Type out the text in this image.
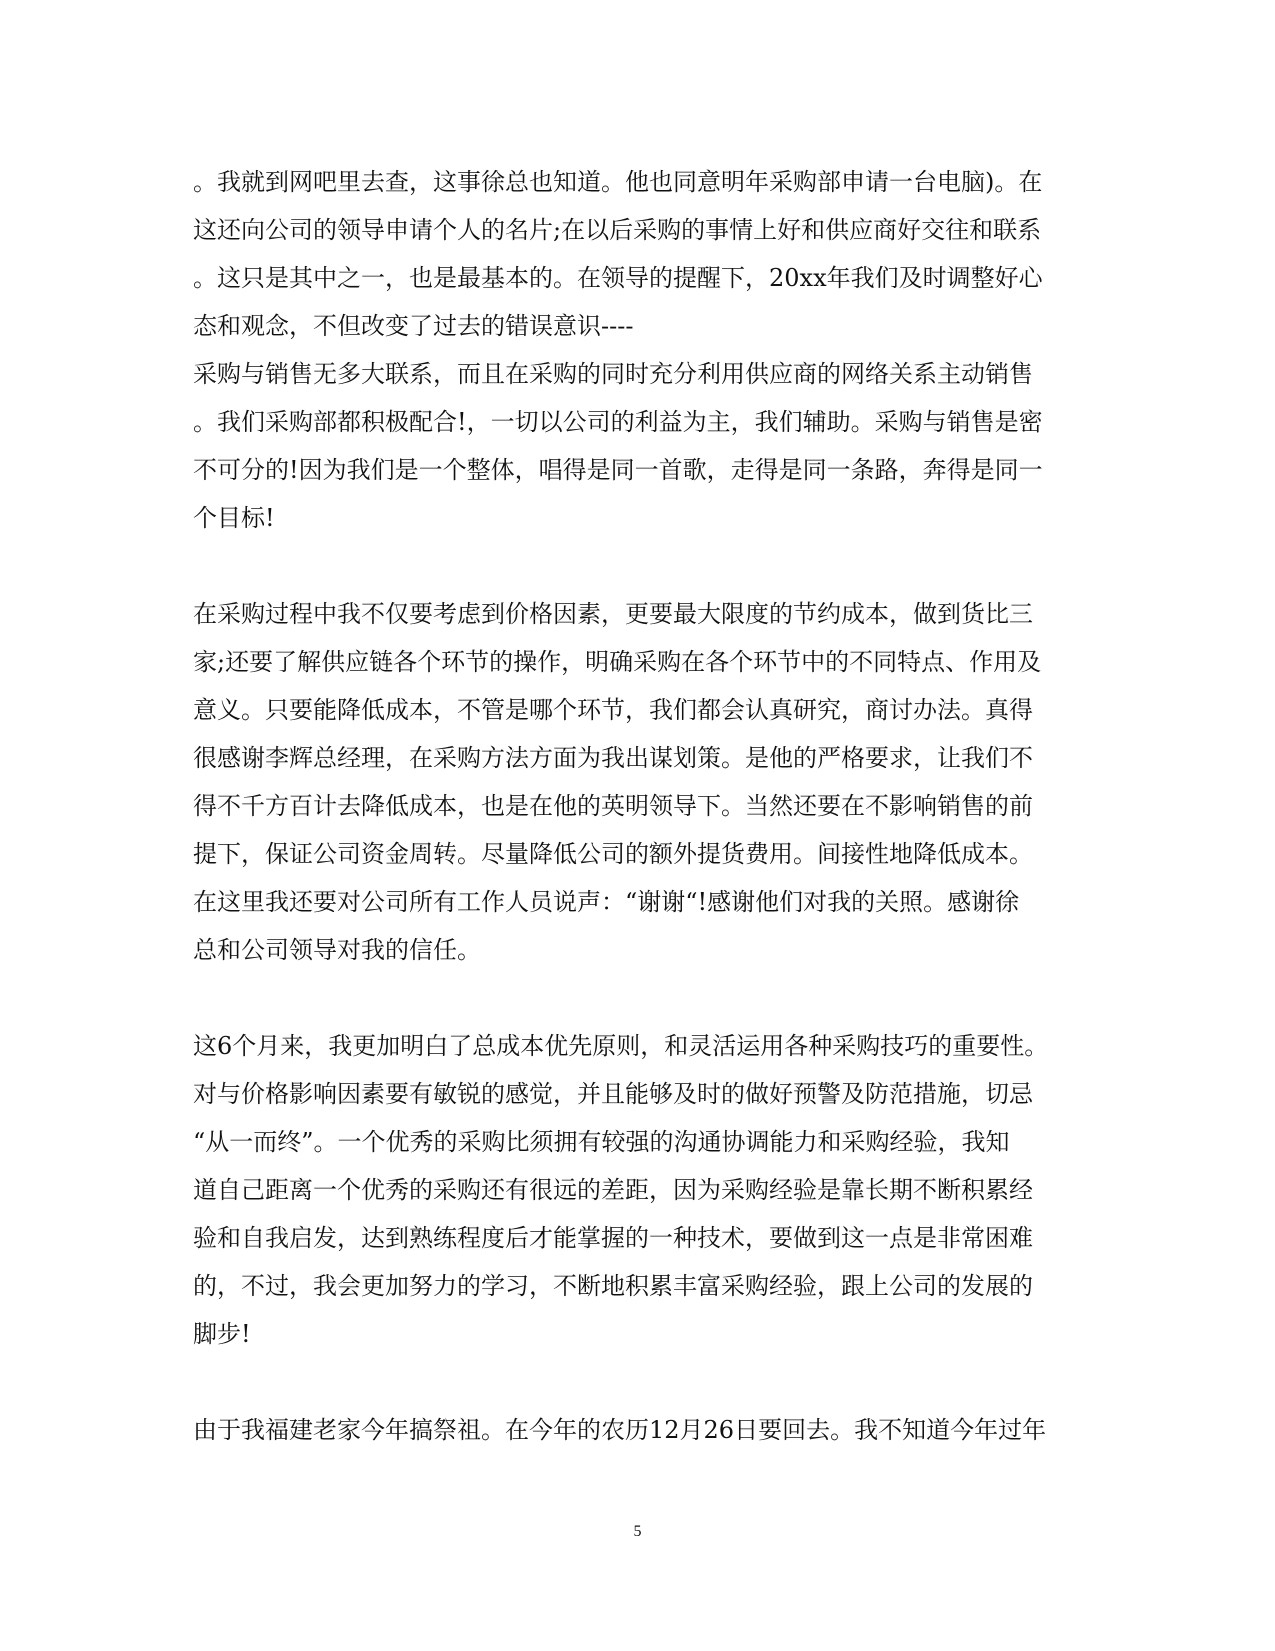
。我就到网吧里去查，这事徐总也知道。他也同意明年采购部申请一台电脑)。在
这还向公司的领导申请个人的名片;在以后采购的事情上好和供应商好交往和联系
。这只是其中之一，也是最基本的。在领导的提醒下，20xx年我们及时调整好心
态和观念，不但改变了过去的错误意识----
采购与销售无多大联系，而且在采购的同时充分利用供应商的网络关系主动销售
。我们采购部都积极配合!，一切以公司的利益为主，我们辅助。采购与销售是密
不可分的!因为我们是一个整体，唱得是同一首歌，走得是同一条路，奔得是同一
个目标!
在采购过程中我不仅要考虑到价格因素，更要最大限度的节约成本，做到货比三
家;还要了解供应链各个环节的操作，明确采购在各个环节中的不同特点、作用及
意义。只要能降低成本，不管是哪个环节，我们都会认真研究，商讨办法。真得
很感谢李辉总经理，在采购方法方面为我出谋划策。是他的严格要求，让我们不
得不千方百计去降低成本，也是在他的英明领导下。当然还要在不影响销售的前
提下，保证公司资金周转。尽量降低公司的额外提货费用。间接性地降低成本。
在这里我还要对公司所有工作人员说声：“谢谢“!感谢他们对我的关照。感谢徐
总和公司领导对我的信任。
这6个月来，我更加明白了总成本优先原则，和灵活运用各种采购技巧的重要性。
对与价格影响因素要有敏锐的感觉，并且能够及时的做好预警及防范措施，切忌
“从一而终”。一个优秀的采购比须拥有较强的沟通协调能力和采购经验，我知
道自己距离一个优秀的采购还有很远的差距，因为采购经验是靠长期不断积累经
验和自我启发，达到熟练程度后才能掌握的一种技术，要做到这一点是非常困难
的，不过，我会更加努力的学习，不断地积累丰富采购经验，跟上公司的发展的
脚步!
由于我福建老家今年搞祭祖。在今年的农历12月26日要回去。我不知道今年过年
5
